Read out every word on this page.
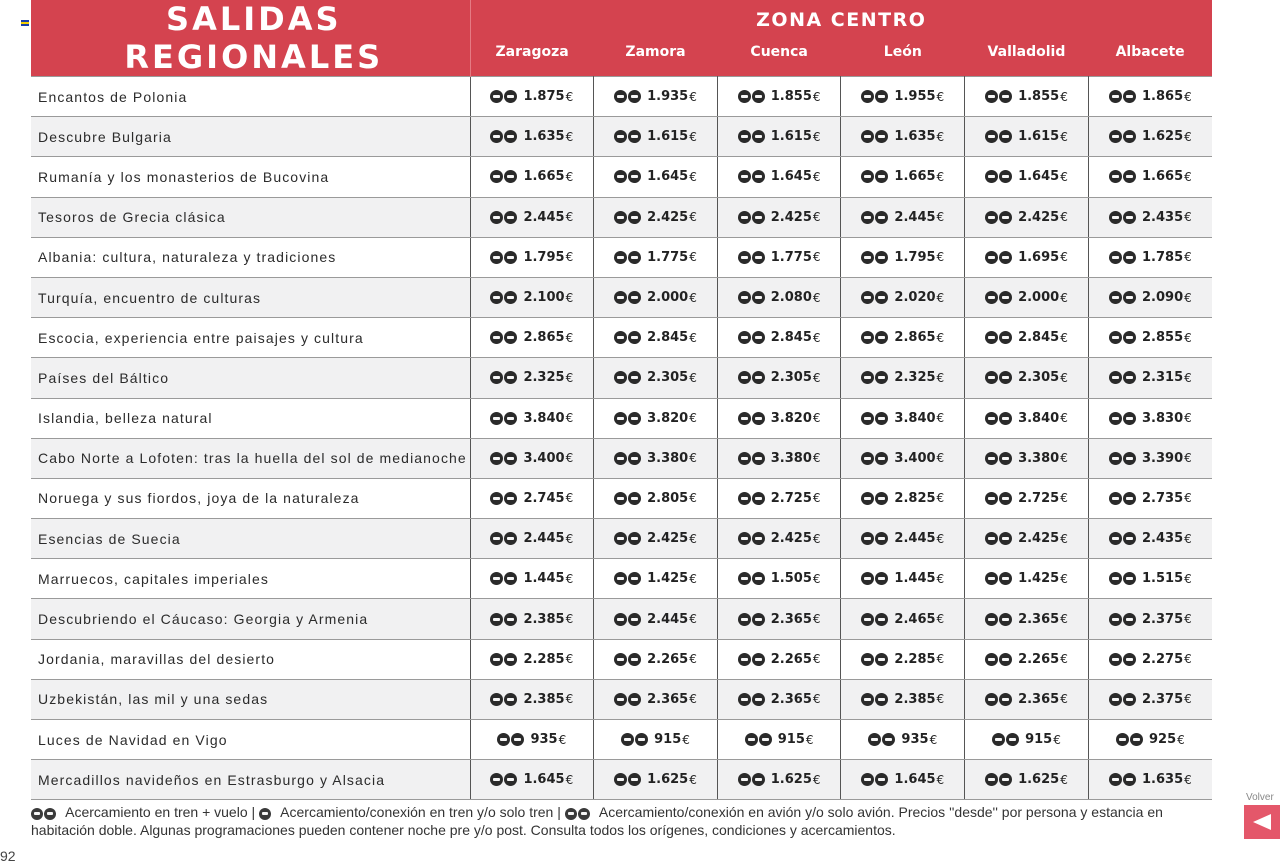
SALIDAS REGIONALES	ZONA CENTRO					
	Zaragoza	Zamora	Cuenca	León	Valladolid	Albacete
Encantos de Polonia	1.875€	1.935€	1.855€	1.955€	1.855€	1.865€
Descubre Bulgaria	1.635€	1.615€	1.615€	1.635€	1.615€	1.625€
Rumanía y los monasterios de Bucovina	1.665€	1.645€	1.645€	1.665€	1.645€	1.665€
Tesoros de Grecia clásica	2.445€	2.425€	2.425€	2.445€	2.425€	2.435€
Albania: cultura, naturaleza y tradiciones	1.795€	1.775€	1.775€	1.795€	1.695€	1.785€
Turquía, encuentro de culturas	2.100€	2.000€	2.080€	2.020€	2.000€	2.090€
Escocia, experiencia entre paisajes y cultura	2.865€	2.845€	2.845€	2.865€	2.845€	2.855€
Países del Báltico	2.325€	2.305€	2.305€	2.325€	2.305€	2.315€
Islandia, belleza natural	3.840€	3.820€	3.820€	3.840€	3.840€	3.830€
Cabo Norte a Lofoten: tras la huella del sol de medianoche	3.400€	3.380€	3.380€	3.400€	3.380€	3.390€
Noruega y sus fiordos, joya de la naturaleza	2.745€	2.805€	2.725€	2.825€	2.725€	2.735€
Esencias de Suecia	2.445€	2.425€	2.425€	2.445€	2.425€	2.435€
Marruecos, capitales imperiales	1.445€	1.425€	1.505€	1.445€	1.425€	1.515€
Descubriendo el Cáucaso: Georgia y Armenia	2.385€	2.445€	2.365€	2.465€	2.365€	2.375€
Jordania, maravillas del desierto	2.285€	2.265€	2.265€	2.285€	2.265€	2.275€
Uzbekistán, las mil y una sedas	2.385€	2.365€	2.365€	2.385€	2.365€	2.375€
Luces de Navidad en Vigo	935€	915€	915€	935€	915€	925€
Mercadillos navideños en Estrasburgo y Alsacia	1.645€	1.625€	1.625€	1.645€	1.625€	1.635€
Acercamiento en tren + vuelo | Acercamiento/conexión en tren y/o solo tren |	Acercamiento/conexión en avión y/o solo avión. Precios ''desde'' por persona y estancia en habitación doble. Algunas programaciones pueden contener noche pre y/o post. Consulta todos los orígenes, condiciones y acercamientos.
92
Volver
